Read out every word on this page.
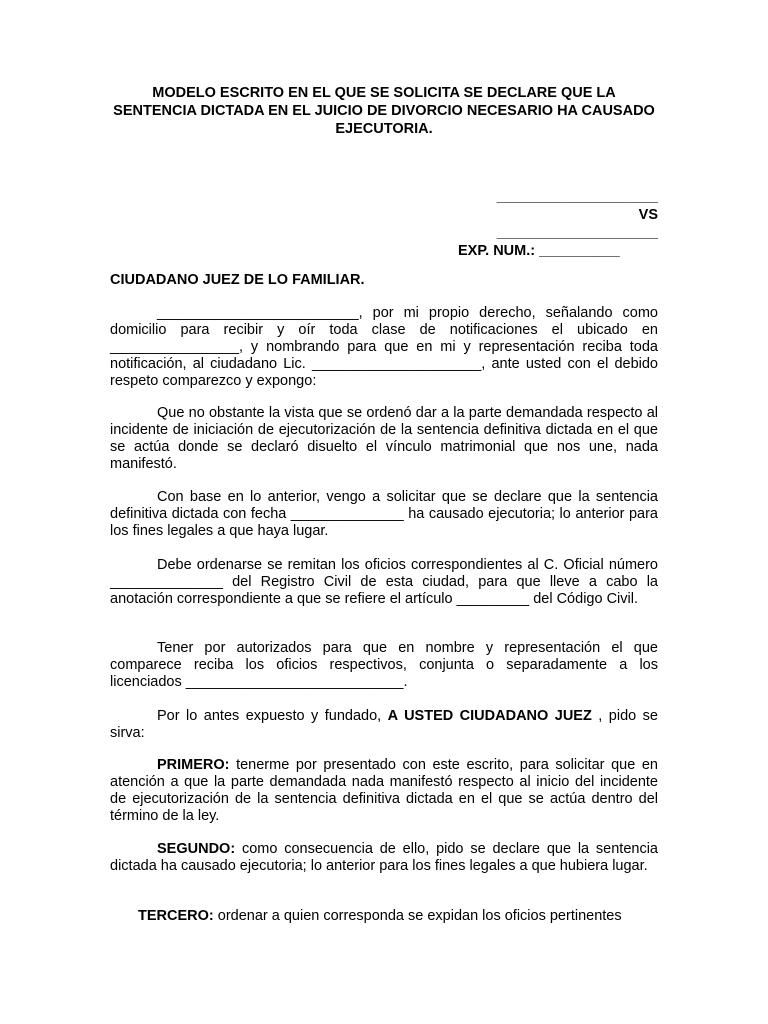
MODELO ESCRITO EN EL QUE SE SOLICITA SE DECLARE QUE LA SENTENCIA DICTADA EN EL JUICIO DE DIVORCIO NECESARIO HA CAUSADO EJECUTORIA.
____________________
VS
____________________
EXP. NUM.: __________
CIUDADANO JUEZ DE LO FAMILIAR.
_________________________, por mi propio derecho, señalando como domicilio para recibir y oír toda clase de notificaciones el ubicado en ________________, y nombrando para que en mi y representación reciba toda notificación, al ciudadano Lic. _____________________, ante usted con el debido respeto comparezco y expongo:
Que no obstante la vista que se ordenó dar a la parte demandada respecto al incidente de iniciación de ejecutorización de la sentencia definitiva dictada en el que se actúa donde se declaró disuelto el vínculo matrimonial que nos une, nada manifestó.
Con base en lo anterior, vengo a solicitar que se declare que la sentencia definitiva dictada con fecha ______________ ha causado ejecutoria; lo anterior para los fines legales a que haya lugar.
Debe ordenarse se remitan los oficios correspondientes al C. Oficial número ______________ del Registro Civil de esta ciudad, para que lleve a cabo la anotación correspondiente a que se refiere el artículo _________ del Código Civil.
Tener por autorizados para que en nombre y representación el que comparece reciba los oficios respectivos, conjunta o separadamente a los licenciados ___________________________.
Por lo antes expuesto y fundado, A USTED CIUDADANO JUEZ , pido se sirva:
PRIMERO: tenerme por presentado con este escrito, para solicitar que en atención a que la parte demandada nada manifestó respecto al inicio del incidente de ejecutorización de la sentencia definitiva dictada en el que se actúa dentro del término de la ley.
SEGUNDO: como consecuencia de ello, pido se declare que la sentencia dictada ha causado ejecutoria; lo anterior para los fines legales a que hubiera lugar.
TERCERO: ordenar a quien corresponda se expidan los oficios pertinentes
